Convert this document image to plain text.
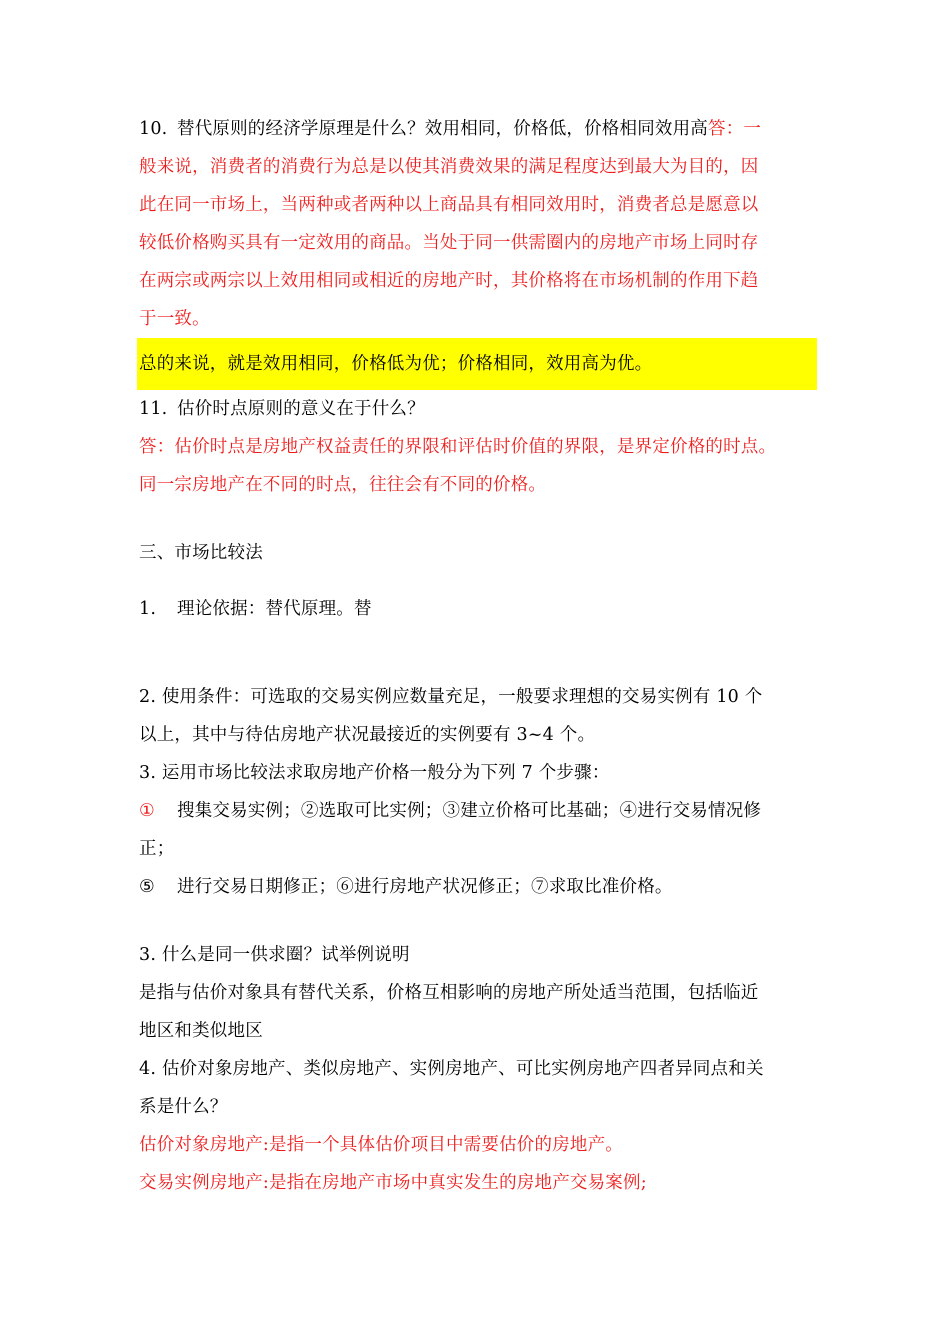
10. 替代原则的经济学原理是什么？效用相同，价格低，价格相同效用高答：一
般来说，消费者的消费行为总是以使其消费效果的满足程度达到最大为目的，因
此在同一市场上，当两种或者两种以上商品具有相同效用时，消费者总是愿意以
较低价格购买具有一定效用的商品。当处于同一供需圈内的房地产市场上同时存
在两宗或两宗以上效用相同或相近的房地产时，其价格将在市场机制的作用下趋
于一致。
总的来说，就是效用相同，价格低为优；价格相同，效用高为优。
11. 估价时点原则的意义在于什么？
答：估价时点是房地产权益责任的界限和评估时价值的界限，是界定价格的时点。
同一宗房地产在不同的时点，往往会有不同的价格。
三、市场比较法
1. 理论依据：替代原理。替
2. 使用条件：可选取的交易实例应数量充足，一般要求理想的交易实例有 10 个
以上，其中与待估房地产状况最接近的实例要有 3~4 个。
3. 运用市场比较法求取房地产价格一般分为下列 7 个步骤：
① 搜集交易实例；②选取可比实例；③建立价格可比基础；④进行交易情况修
正；
⑤ 进行交易日期修正；⑥进行房地产状况修正；⑦求取比准价格。
3. 什么是同一供求圈？试举例说明
是指与估价对象具有替代关系，价格互相影响的房地产所处适当范围，包括临近
地区和类似地区
4. 估价对象房地产、类似房地产、实例房地产、可比实例房地产四者异同点和关
系是什么？
估价对象房地产:是指一个具体估价项目中需要估价的房地产。
交易实例房地产:是指在房地产市场中真实发生的房地产交易案例;
